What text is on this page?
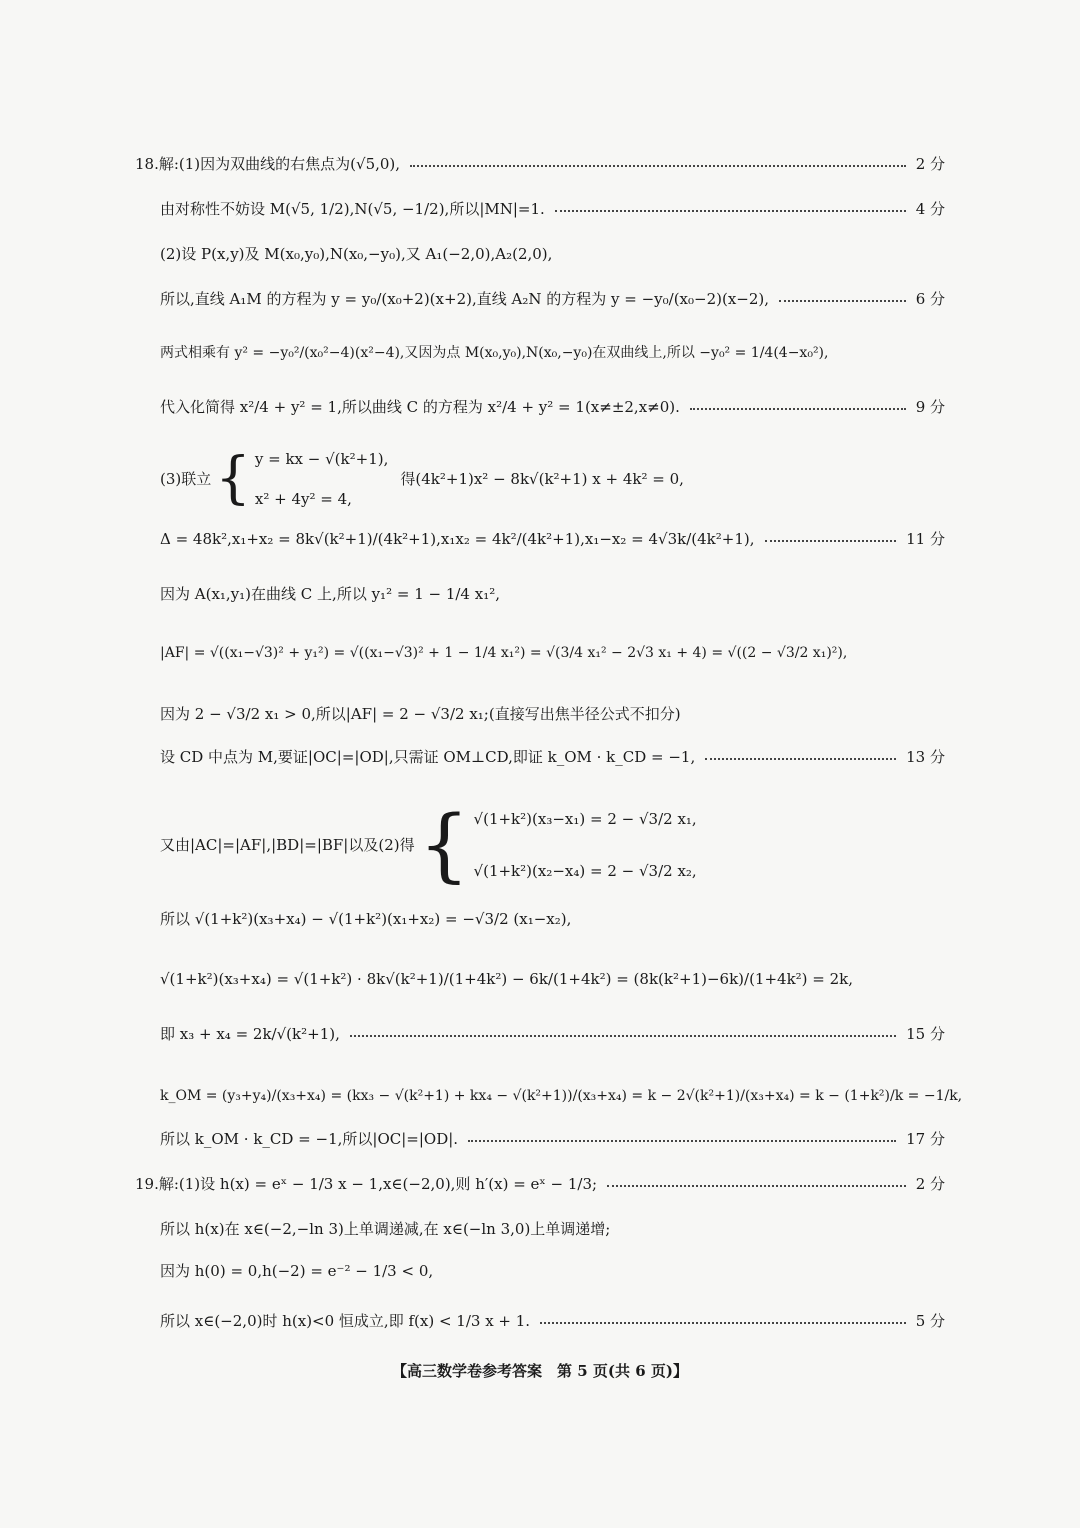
18.解:(1)因为双曲线的右焦点为(√5,0),	2 分
由对称性不妨设 M(√5, 1/2),N(√5, −1/2),所以|MN|=1.	4 分
(2)设 P(x,y)及 M(x₀,y₀),N(x₀,−y₀),又 A₁(−2,0),A₂(2,0),
所以,直线 A₁M 的方程为 y = y₀/(x₀+2)(x+2),直线 A₂N 的方程为 y = −y₀/(x₀−2)(x−2),	6 分
两式相乘有 y² = −y₀²/(x₀²−4)(x²−4),又因为点 M(x₀,y₀),N(x₀,−y₀)在双曲线上,所以 −y₀² = 1/4(4−x₀²),
代入化简得 x²/4 + y² = 1,所以曲线 C 的方程为 x²/4 + y² = 1(x≠±2,x≠0).	9 分
(3)联立 { y = kx − √(k²+1),
x² + 4y² = 4,
得(4k²+1)x² − 8k√(k²+1) x + 4k² = 0,
Δ = 48k²,x₁+x₂ = 8k√(k²+1)/(4k²+1),x₁x₂ = 4k²/(4k²+1),x₁−x₂ = 4√3k/(4k²+1),	11 分
因为 A(x₁,y₁)在曲线 C 上,所以 y₁² = 1 − 1/4 x₁²,
|AF| = √((x₁−√3)² + y₁²) = √((x₁−√3)² + 1 − 1/4 x₁²) = √(3/4 x₁² − 2√3 x₁ + 4) = √((2 − √3/2 x₁)²),
因为 2 − √3/2 x₁ > 0,所以|AF| = 2 − √3/2 x₁;(直接写出焦半径公式不扣分)
设 CD 中点为 M,要证|OC|=|OD|,只需证 OM⊥CD,即证 k_OM · k_CD = −1,	13 分
又由|AC|=|AF|,|BD|=|BF|以及(2)得 { √(1+k²)(x₃−x₁) = 2 − √3/2 x₁,
√(1+k²)(x₂−x₄) = 2 − √3/2 x₂,
所以 √(1+k²)(x₃+x₄) − √(1+k²)(x₁+x₂) = −√3/2 (x₁−x₂),
√(1+k²)(x₃+x₄) = √(1+k²) · 8k√(k²+1)/(1+4k²) − 6k/(1+4k²) = (8k(k²+1)−6k)/(1+4k²) = 2k,
即 x₃ + x₄ = 2k/√(k²+1),	15 分
k_OM = (y₃+y₄)/(x₃+x₄) = (kx₃ − √(k²+1) + kx₄ − √(k²+1))/(x₃+x₄) = k − 2√(k²+1)/(x₃+x₄) = k − (1+k²)/k = −1/k,
所以 k_OM · k_CD = −1,所以|OC|=|OD|.	17 分
19.解:(1)设 h(x) = eˣ − 1/3 x − 1,x∈(−2,0),则 h′(x) = eˣ − 1/3;	2 分
所以 h(x)在 x∈(−2,−ln 3)上单调递减,在 x∈(−ln 3,0)上单调递增;
因为 h(0) = 0,h(−2) = e⁻² − 1/3 < 0,
所以 x∈(−2,0)时 h(x)<0 恒成立,即 f(x) < 1/3 x + 1.	5 分
【高三数学卷参考答案　第 5 页(共 6 页)】
